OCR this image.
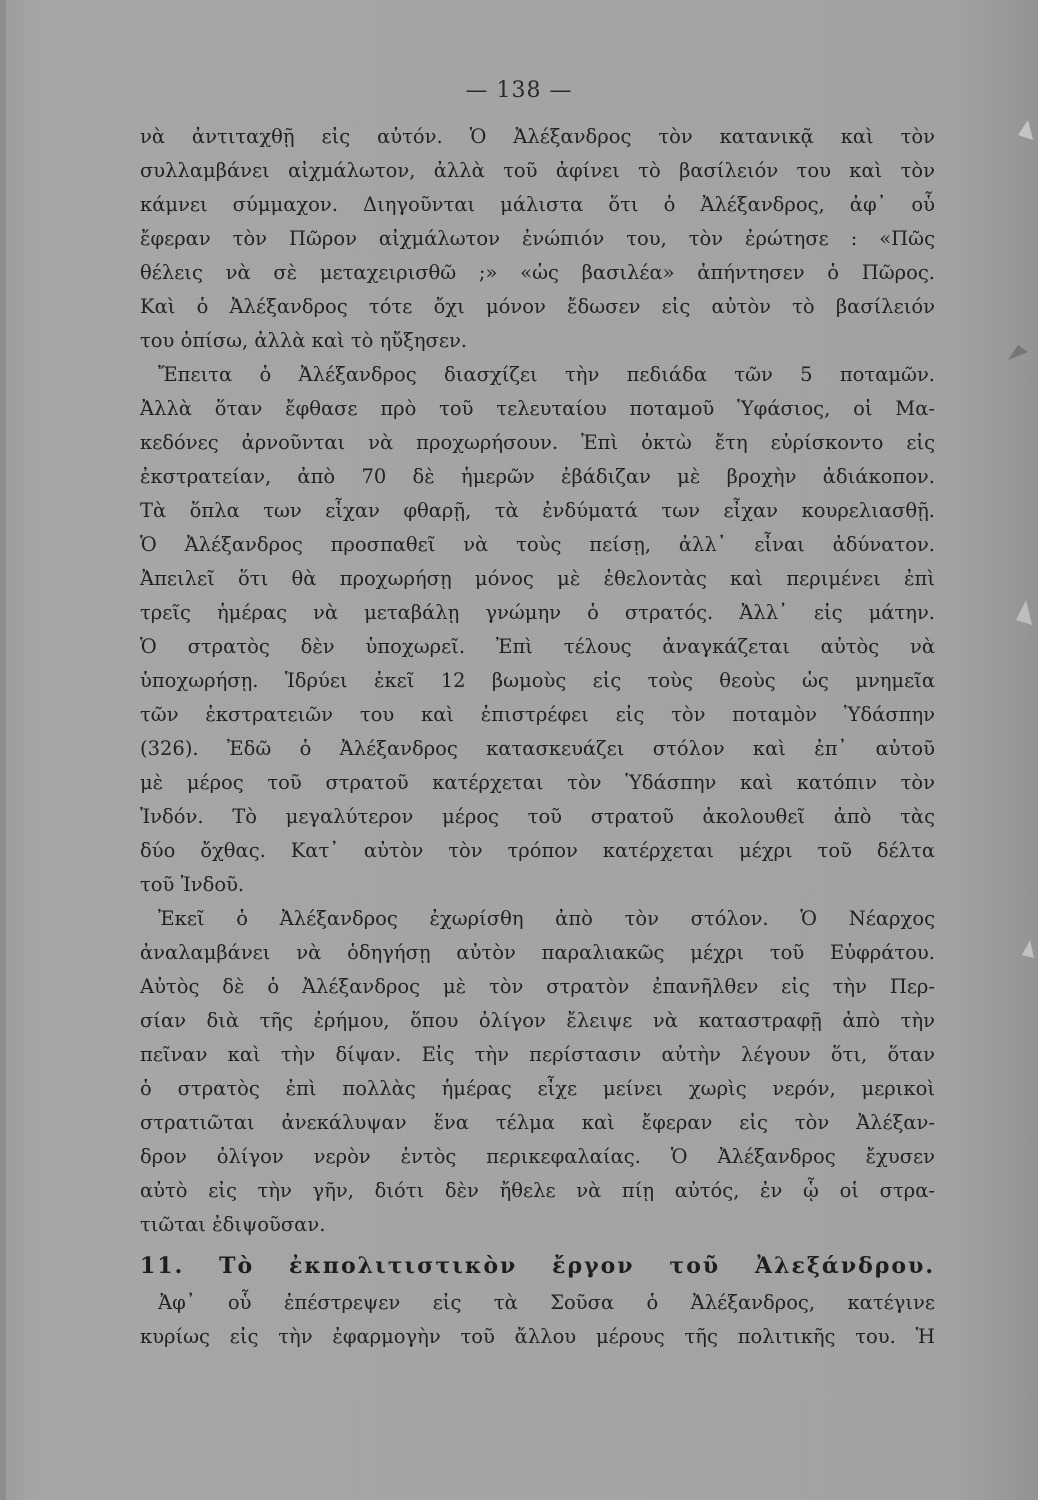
— 138 —
νὰ ἀντιταχθῇ εἰς αὐτόν. Ὁ Ἀλέξανδρος τὸν κατανικᾷ καὶ τὸν
συλλαμβάνει αἰχμάλωτον, ἀλλὰ τοῦ ἀφίνει τὸ βασίλειόν του καὶ τὸν
κάμνει σύμμαχον. Διηγοῦνται μάλιστα ὅτι ὁ Ἀλέξανδρος, ἀφ᾽ οὗ
ἔφεραν τὸν Πῶρον αἰχμάλωτον ἐνώπιόν του, τὸν ἐρώτησε : «Πῶς
θέλεις νὰ σὲ μεταχειρισθῶ ;» «ὡς βασιλέα» ἀπήντησεν ὁ Πῶρος.
Καὶ ὁ Ἀλέξανδρος τότε ὄχι μόνον ἔδωσεν εἰς αὐτὸν τὸ βασίλειόν
του ὀπίσω, ἀλλὰ καὶ τὸ ηὔξησεν.
Ἔπειτα ὁ Ἀλέξανδρος διασχίζει τὴν πεδιάδα τῶν 5 ποταμῶν.
Ἀλλὰ ὅταν ἔφθασε πρὸ τοῦ τελευταίου ποταμοῦ Ὑφάσιος, οἱ Μα-
κεδόνες ἀρνοῦνται νὰ προχωρήσουν. Ἐπὶ ὀκτὼ ἔτη εὑρίσκοντο εἰς
ἐκστρατείαν, ἀπὸ 70 δὲ ἡμερῶν ἐβάδιζαν μὲ βροχὴν ἀδιάκοπον.
Τὰ ὅπλα των εἶχαν φθαρῇ, τὰ ἐνδύματά των εἶχαν κουρελιασθῇ.
Ὁ Ἀλέξανδρος προσπαθεῖ νὰ τοὺς πείσῃ, ἀλλ᾽ εἶναι ἀδύνατον.
Ἀπειλεῖ ὅτι θὰ προχωρήσῃ μόνος μὲ ἐθελοντὰς καὶ περιμένει ἐπὶ
τρεῖς ἡμέρας νὰ μεταβάλῃ γνώμην ὁ στρατός. Ἀλλ᾽ εἰς μάτην.
Ὁ στρατὸς δὲν ὑποχωρεῖ. Ἐπὶ τέλους ἀναγκάζεται αὐτὸς νὰ
ὑποχωρήσῃ. Ἱδρύει ἐκεῖ 12 βωμοὺς εἰς τοὺς θεοὺς ὡς μνημεῖα
τῶν ἐκστρατειῶν του καὶ ἐπιστρέφει εἰς τὸν ποταμὸν Ὑδάσπην
(326). Ἐδῶ ὁ Ἀλέξανδρος κατασκευάζει στόλον καὶ ἐπ᾽ αὐτοῦ
μὲ μέρος τοῦ στρατοῦ κατέρχεται τὸν Ὑδάσπην καὶ κατόπιν τὸν
Ἰνδόν. Τὸ μεγαλύτερον μέρος τοῦ στρατοῦ ἀκολουθεῖ ἀπὸ τὰς
δύο ὄχθας. Κατ᾽ αὐτὸν τὸν τρόπον κατέρχεται μέχρι τοῦ δέλτα
τοῦ Ἰνδοῦ.
Ἐκεῖ ὁ Ἀλέξανδρος ἐχωρίσθη ἀπὸ τὸν στόλον. Ὁ Νέαρχος
ἀναλαμβάνει νὰ ὁδηγήσῃ αὐτὸν παραλιακῶς μέχρι τοῦ Εὐφράτου.
Αὐτὸς δὲ ὁ Ἀλέξανδρος μὲ τὸν στρατὸν ἐπανῆλθεν εἰς τὴν Περ-
σίαν διὰ τῆς ἐρήμου, ὅπου ὀλίγον ἔλειψε νὰ καταστραφῇ ἀπὸ τὴν
πεῖναν καὶ τὴν δίψαν. Εἰς τὴν περίστασιν αὐτὴν λέγουν ὅτι, ὅταν
ὁ στρατὸς ἐπὶ πολλὰς ἡμέρας εἶχε μείνει χωρὶς νερόν, μερικοὶ
στρατιῶται ἀνεκάλυψαν ἕνα τέλμα καὶ ἔφεραν εἰς τὸν Ἀλέξαν-
δρον ὀλίγον νερὸν ἐντὸς περικεφαλαίας. Ὁ Ἀλέξανδρος ἔχυσεν
αὐτὸ εἰς τὴν γῆν, διότι δὲν ἤθελε νὰ πίῃ αὐτός, ἐν ᾧ οἱ στρα-
τιῶται ἐδιψοῦσαν.
11. Τὸ ἐκπολιτιστικὸν ἔργον τοῦ Ἀλεξάνδρου.
Ἀφ᾽ οὗ ἐπέστρεψεν εἰς τὰ Σοῦσα ὁ Ἀλέξανδρος, κατέγινε
κυρίως εἰς τὴν ἐφαρμογὴν τοῦ ἄλλου μέρους τῆς πολιτικῆς του. Ἡ
